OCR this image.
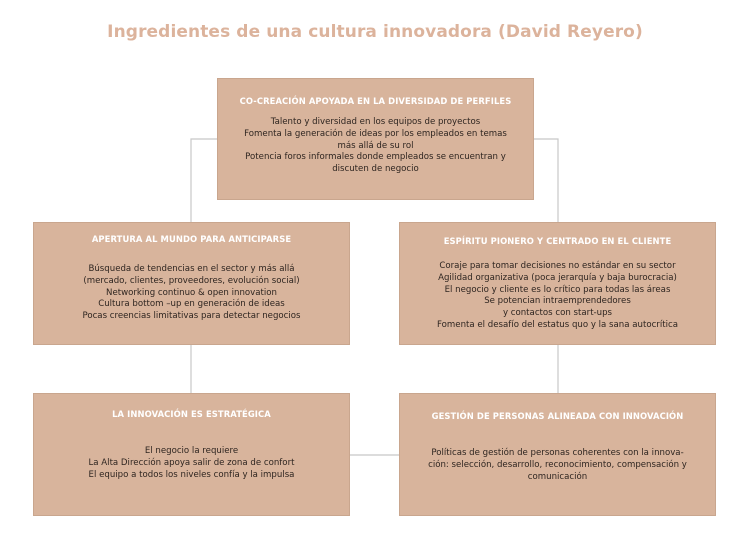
Ingredientes de una cultura innovadora (David Reyero)
CO-CREACIÓN APOYADA EN LA DIVERSIDAD DE PERFILES
Talento y diversidad en los equipos de proyectos
Fomenta la generación de ideas por los empleados en temas
más allá de su rol
Potencia foros informales donde empleados se encuentran y
discuten de negocio
APERTURA AL MUNDO PARA ANTICIPARSE
Búsqueda de tendencias en el sector y más allá
(mercado, clientes, proveedores, evolución social)
Networking continuo & open innovation
Cultura bottom –up en generación de ideas
Pocas creencias limitativas para detectar negocios
ESPÍRITU PIONERO Y CENTRADO EN EL CLIENTE
Coraje para tomar decisiones no estándar en su sector
Agilidad organizativa (poca jerarquía y baja burocracia)
El negocio y cliente es lo crítico para todas las áreas
Se potencian intraemprendedores
y contactos con start-ups
Fomenta el desafío del estatus quo y la sana autocrítica
LA INNOVACIÓN ES ESTRATÉGICA
El negocio la requiere
La Alta Dirección apoya salir de zona de confort
El equipo a todos los niveles confía y la impulsa
GESTIÓN DE PERSONAS ALINEADA CON INNOVACIÓN
Políticas de gestión de personas coherentes con la innova-
ción: selección, desarrollo, reconocimiento, compensación y
comunicación
